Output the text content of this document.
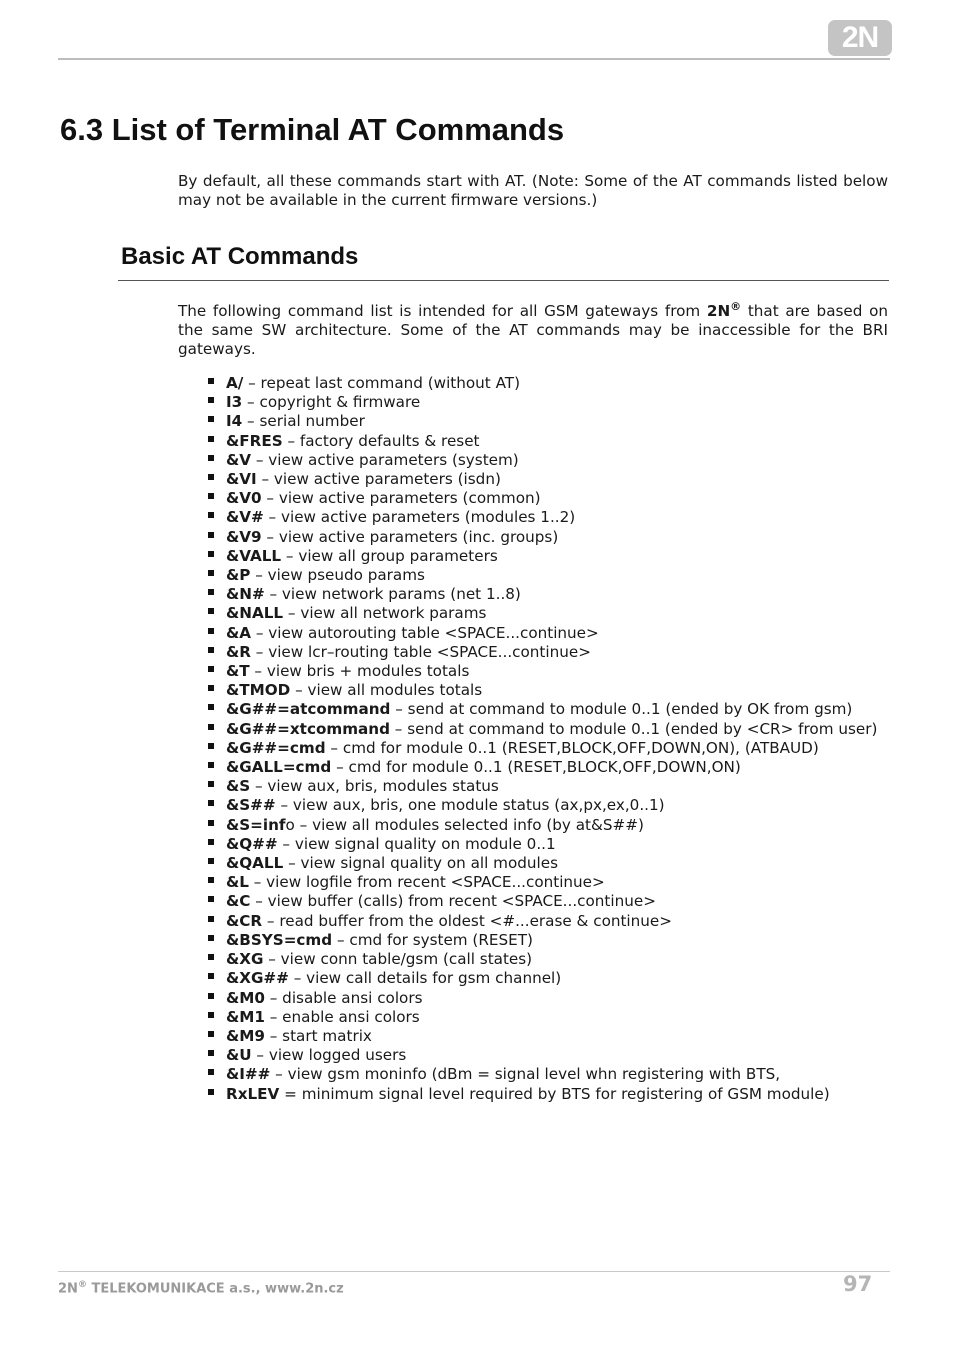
2N
6.3 List of Terminal AT Commands

By default, all these commands start with AT. (Note: Some of the AT commands listed below may not be available in the current firmware versions.)

Basic AT Commands

The following command list is intended for all GSM gateways from 2N® that are based on the same SW architecture. Some of the AT commands may be inaccessible for the BRI gateways.

A/ – repeat last command (without AT)
I3 – copyright & firmware
I4 – serial number
&FRES – factory defaults & reset
&V – view active parameters (system)
&VI – view active parameters (isdn)
&V0 – view active parameters (common)
&V# – view active parameters (modules 1..2)
&V9 – view active parameters (inc. groups)
&VALL – view all group parameters
&P – view pseudo params
&N# – view network params (net 1..8)
&NALL – view all network params
&A – view autorouting table <SPACE...continue>
&R – view lcr–routing table <SPACE...continue>
&T – view bris + modules totals
&TMOD – view all modules totals
&G##=atcommand – send at command to module 0..1 (ended by OK from gsm)
&G##=xtcommand – send at command to module 0..1 (ended by <CR> from user)
&G##=cmd – cmd for module 0..1 (RESET,BLOCK,OFF,DOWN,ON), (ATBAUD)
&GALL=cmd – cmd for module 0..1 (RESET,BLOCK,OFF,DOWN,ON)
&S – view aux, bris, modules status
&S## – view aux, bris, one module status (ax,px,ex,0..1)
&S=info – view all modules selected info (by at&S##)
&Q## – view signal quality on module 0..1
&QALL – view signal quality on all modules
&L – view logfile from recent <SPACE...continue>
&C – view buffer (calls) from recent <SPACE...continue>
&CR – read buffer from the oldest <#...erase & continue>
&BSYS=cmd – cmd for system (RESET)
&XG – view conn table/gsm (call states)
&XG## – view call details for gsm channel)
&M0 – disable ansi colors
&M1 – enable ansi colors
&M9 – start matrix
&U – view logged users
&I## – view gsm moninfo (dBm = signal level whn registering with BTS,
RxLEV = minimum signal level required by BTS for registering of GSM module)
2N® TELEKOMUNIKACE a.s., www.2n.cz	97
